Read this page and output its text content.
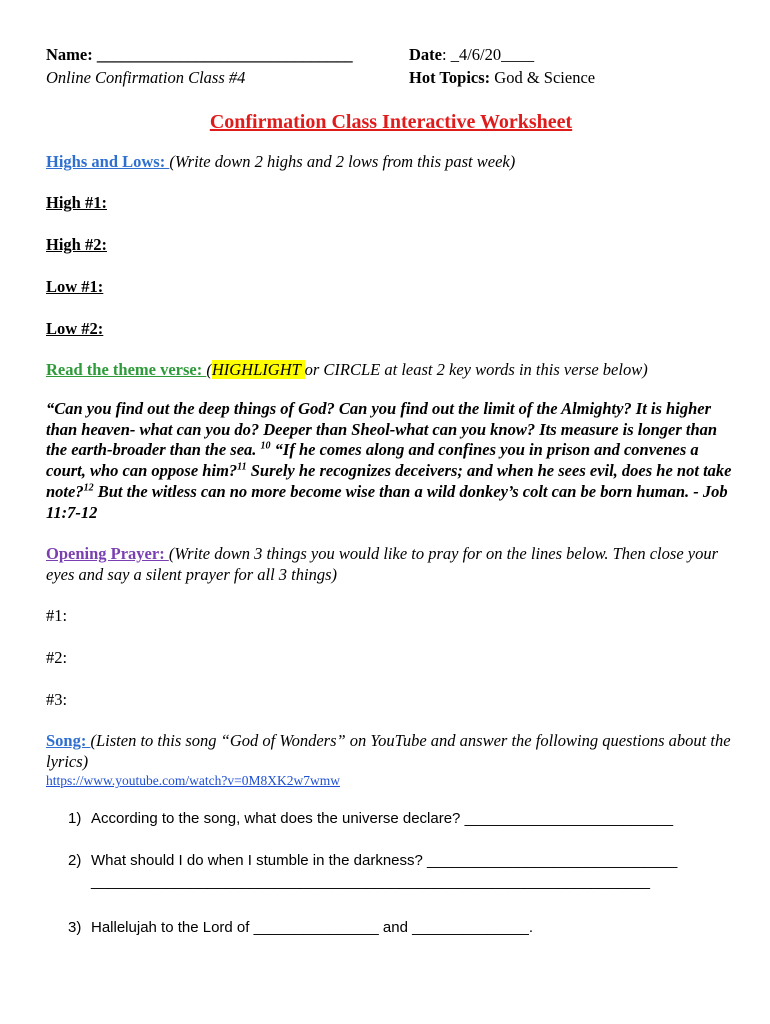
Name: _______________________________
Online Confirmation Class #4
Date: _4/6/20____
Hot Topics: God & Science
Confirmation Class Interactive Worksheet

Highs and Lows: (Write down 2 highs and 2 lows from this past week)

High #1:
High #2:
Low #1:
Low #2:

Read the theme verse: (HIGHLIGHT or CIRCLE at least 2 key words in this verse below)

“Can you find out the deep things of God? Can you find out the limit of the Almighty? It is higher than heaven- what can you do? Deeper than Sheol-what can you know? Its measure is longer than the earth-broader than the sea. $^{10}$ “If he comes along and confines you in prison and convenes a court, who can oppose him?$^{11}$ Surely he recognizes deceivers; and when he sees evil, does he not take note?$^{12}$ But the witless can no more become wise than a wild donkey’s colt can be born human. - Job 11:7-12

Opening Prayer: (Write down 3 things you would like to pray for on the lines below. Then close your eyes and say a silent prayer for all 3 things)

#1:
#2:
#3:

Song: (Listen to this song “God of Wonders” on YouTube and answer the following questions about the lyrics)

https://www.youtube.com/watch?v=0M8XK2w7wmw
1) According to the song, what does the universe declare? _________________________
2) What should I do when I stumble in the darkness? ______________________________
___________________________________________________________________
3) Hallelujah to the Lord of _______________ and ______________.
